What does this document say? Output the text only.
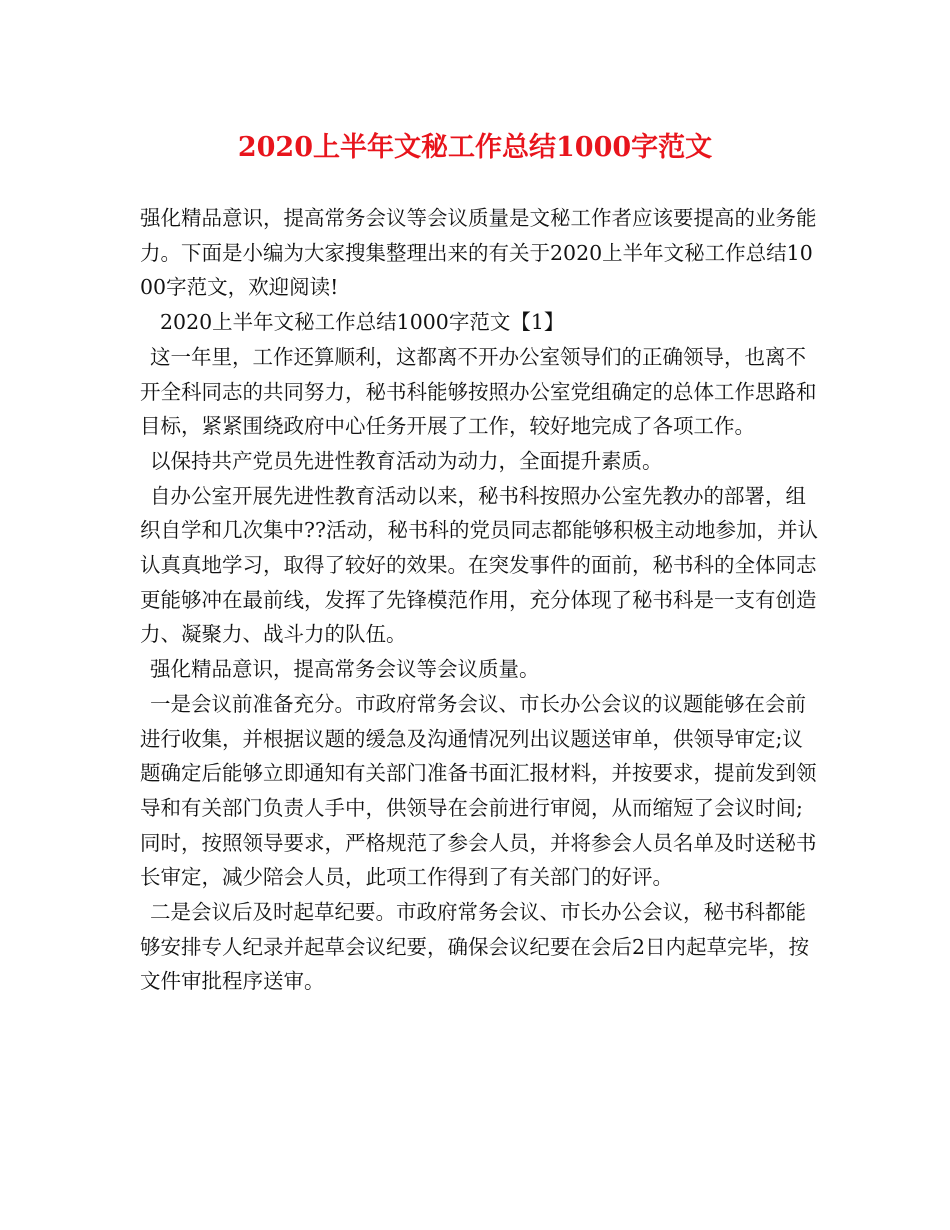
2020上半年文秘工作总结1000字范文

强化精品意识，提高常务会议等会议质量是文秘工作者应该要提高的业务能力。下面是小编为大家搜集整理出来的有关于2020上半年文秘工作总结1000字范文，欢迎阅读!

2020上半年文秘工作总结1000字范文【1】

这一年里，工作还算顺利，这都离不开办公室领导们的正确领导，也离不开全科同志的共同努力，秘书科能够按照办公室党组确定的总体工作思路和目标，紧紧围绕政府中心任务开展了工作，较好地完成了各项工作。

以保持共产党员先进性教育活动为动力，全面提升素质。

自办公室开展先进性教育活动以来，秘书科按照办公室先教办的部署，组织自学和几次集中??活动，秘书科的党员同志都能够积极主动地参加，并认认真真地学习，取得了较好的效果。在突发事件的面前，秘书科的全体同志更能够冲在最前线，发挥了先锋模范作用，充分体现了秘书科是一支有创造力、凝聚力、战斗力的队伍。

强化精品意识，提高常务会议等会议质量。

一是会议前准备充分。市政府常务会议、市长办公会议的议题能够在会前进行收集，并根据议题的缓急及沟通情况列出议题送审单，供领导审定;议题确定后能够立即通知有关部门准备书面汇报材料，并按要求，提前发到领导和有关部门负责人手中，供领导在会前进行审阅，从而缩短了会议时间;同时，按照领导要求，严格规范了参会人员，并将参会人员名单及时送秘书长审定，减少陪会人员，此项工作得到了有关部门的好评。

二是会议后及时起草纪要。市政府常务会议、市长办公会议，秘书科都能够安排专人纪录并起草会议纪要，确保会议纪要在会后2日内起草完毕，按文件审批程序送审。
